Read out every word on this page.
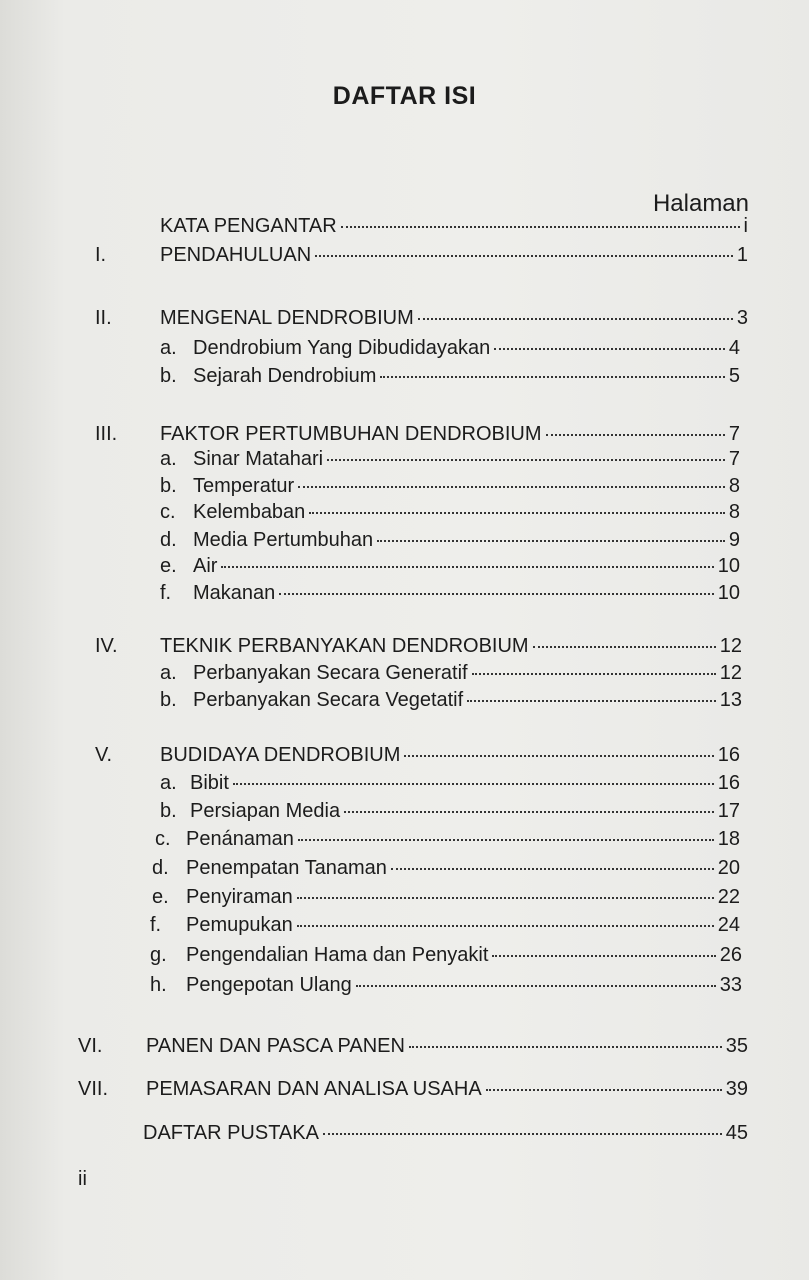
DAFTAR ISI
Halaman
KATA PENGANTAR	i
I.	PENDAHULUAN	1
II. MENGENAL DENDROBIUM	3
a. Dendrobium Yang Dibudidayakan	4
b. Sejarah Dendrobium	5
III. FAKTOR PERTUMBUHAN DENDROBIUM	7
a. Sinar Matahari	7
b. Temperatur	8
c. Kelembaban	8
d. Media Pertumbuhan	9
e. Air	10
f. Makanan	10
IV. TEKNIK PERBANYAKAN DENDROBIUM	12
a. Perbanyakan Secara Generatif	12
b. Perbanyakan Secara Vegetatif	13
V. BUDIDAYA DENDROBIUM	16
a. Bibit	16
b. Persiapan Media	17
c. Penánaman	18
d. Penempatan Tanaman	20
e. Penyiraman	22
f. Pemupukan	24
g. Pengendalian Hama dan Penyakit	26
h. Pengepotan Ulang	33
VI. PANEN DAN PASCA PANEN	35
VII. PEMASARAN DAN ANALISA USAHA	39
DAFTAR PUSTAKA	45
ii
